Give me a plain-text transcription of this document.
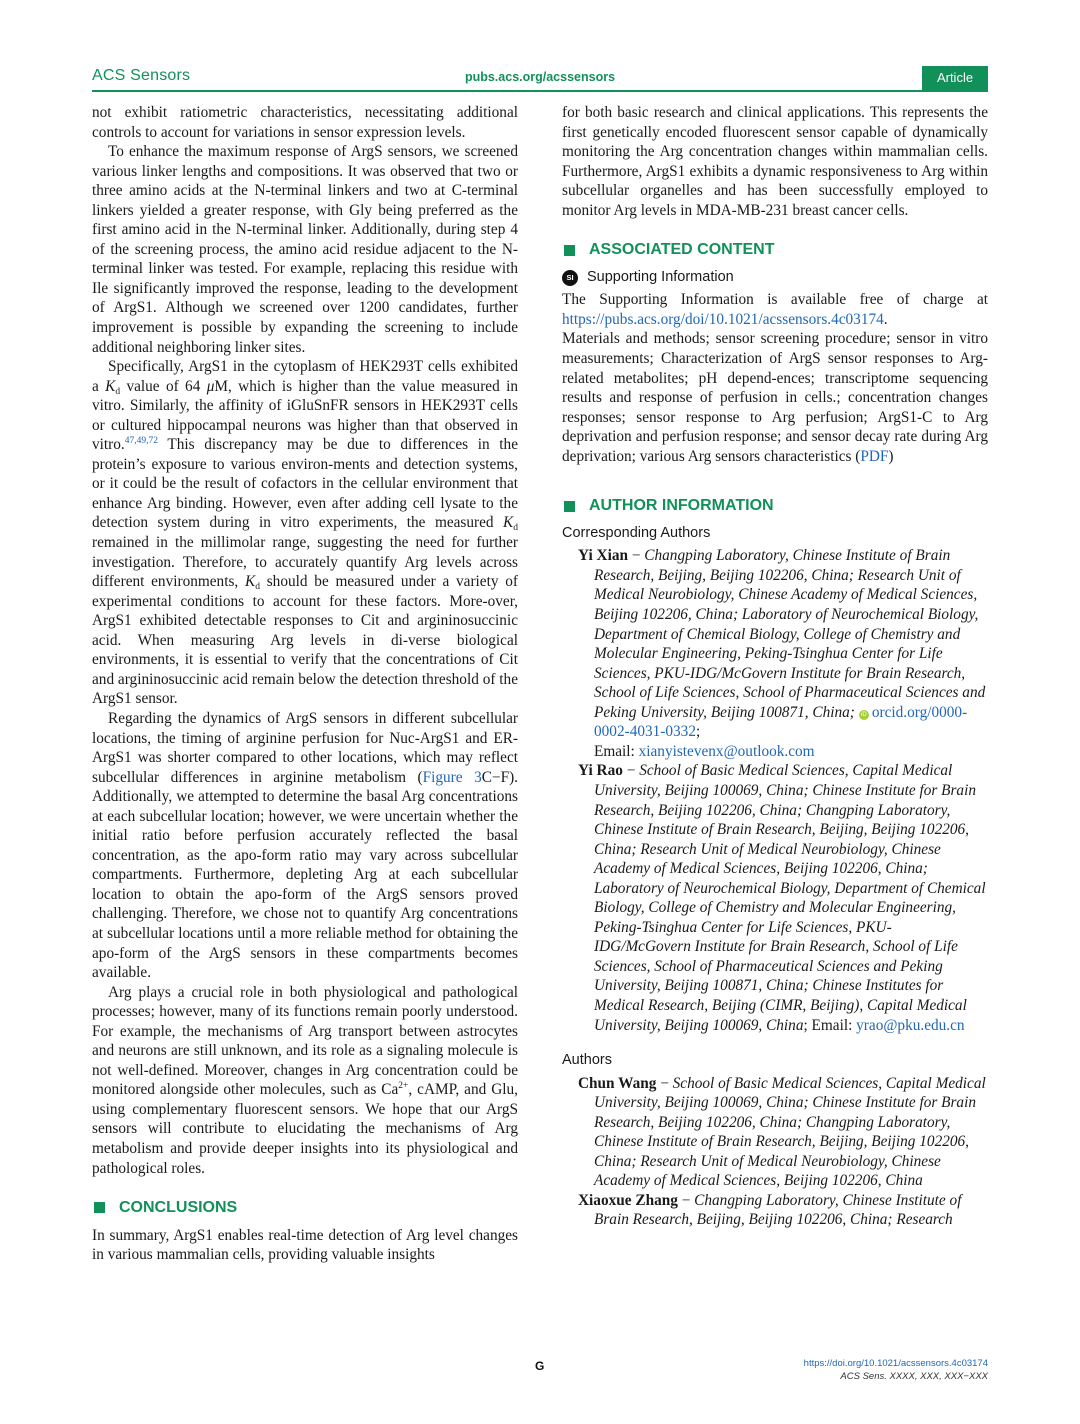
ACS Sensors	pubs.acs.org/acssensors	Article

not exhibit ratiometric characteristics, necessitating additional controls to account for variations in sensor expression levels.

To enhance the maximum response of ArgS sensors, we screened various linker lengths and compositions. It was observed that two or three amino acids at the N-terminal linkers and two at C-terminal linkers yielded a greater response, with Gly being preferred as the first amino acid in the N-terminal linker. Additionally, during step 4 of the screening process, the amino acid residue adjacent to the N-terminal linker was tested. For example, replacing this residue with Ile significantly improved the response, leading to the development of ArgS1. Although we screened over 1200 candidates, further improvement is possible by expanding the screening to include additional neighboring linker sites.

Specifically, ArgS1 in the cytoplasm of HEK293T cells exhibited a $K_d$ value of 64 μM, which is higher than the value measured in vitro. Similarly, the affinity of iGluSnFR sensors in HEK293T cells or cultured hippocampal neurons was higher than that observed in vitro.$^{47,49,72}$ This discrepancy may be due to differences in the protein’s exposure to various environ-ments and detection systems, or it could be the result of cofactors in the cellular environment that enhance Arg binding. However, even after adding cell lysate to the detection system during in vitro experiments, the measured $K_d$ remained in the millimolar range, suggesting the need for further investigation. Therefore, to accurately quantify Arg levels across different environments, $K_d$ should be measured under a variety of experimental conditions to account for these factors. More-over, ArgS1 exhibited detectable responses to Cit and argininosuccinic acid. When measuring Arg levels in di-verse biological environments, it is essential to verify that the concentrations of Cit and argininosuccinic acid remain below the detection threshold of the ArgS1 sensor.

Regarding the dynamics of ArgS sensors in different subcellular locations, the timing of arginine perfusion for Nuc-ArgS1 and ER-ArgS1 was shorter compared to other locations, which may reflect subcellular differences in arginine metabolism (Figure 3C−F). Additionally, we attempted to determine the basal Arg concentrations at each subcellular location; however, we were uncertain whether the initial ratio before perfusion accurately reflected the basal concentration, as the apo-form ratio may vary across subcellular compartments. Furthermore, depleting Arg at each subcellular location to obtain the apo-form of the ArgS sensors proved challenging. Therefore, we chose not to quantify Arg concentrations at subcellular locations until a more reliable method for obtaining the apo-form of the ArgS sensors in these compartments becomes available.

Arg plays a crucial role in both physiological and pathological processes; however, many of its functions remain poorly understood. For example, the mechanisms of Arg transport between astrocytes and neurons are still unknown, and its role as a signaling molecule is not well-defined. Moreover, changes in Arg concentration could be monitored alongside other molecules, such as $Ca^{2+}$, cAMP, and Glu, using complementary fluorescent sensors. We hope that our ArgS sensors will contribute to elucidating the mechanisms of Arg metabolism and provide deeper insights into its physiological and pathological roles.

CONCLUSIONS

In summary, ArgS1 enables real-time detection of Arg level changes in various mammalian cells, providing valuable insights

for both basic research and clinical applications. This represents the first genetically encoded fluorescent sensor capable of dynamically monitoring the Arg concentration changes within mammalian cells. Furthermore, ArgS1 exhibits a dynamic responsiveness to Arg within subcellular organelles and has been successfully employed to monitor Arg levels in MDA-MB-231 breast cancer cells.

ASSOCIATED CONTENT
SI Supporting Information

The Supporting Information is available free of charge at https://pubs.acs.org/doi/10.1021/acssensors.4c03174.

Materials and methods; sensor screening procedure; sensor in vitro measurements; Characterization of ArgS sensor responses to Arg-related metabolites; pH depend-ences; transcriptome sequencing results and response of perfusion in cells.; concentration changes responses; sensor response to Arg perfusion; ArgS1-C to Arg deprivation and perfusion response; and sensor decay rate during Arg deprivation; various Arg sensors characteristics (PDF)

AUTHOR INFORMATION
Corresponding Authors

Yi Xian − Changping Laboratory, Chinese Institute of Brain Research, Beijing, Beijing 102206, China; Research Unit of Medical Neurobiology, Chinese Academy of Medical Sciences, Beijing 102206, China; Laboratory of Neurochemical Biology, Department of Chemical Biology, College of Chemistry and Molecular Engineering, Peking-Tsinghua Center for Life Sciences, PKU-IDG/McGovern Institute for Brain Research, School of Life Sciences, School of Pharmaceutical Sciences and Peking University, Beijing 100871, China; iD orcid.org/0000-0002-4031-0332;
Email: xianyistevenx@outlook.com

Yi Rao − School of Basic Medical Sciences, Capital Medical University, Beijing 100069, China; Chinese Institute for Brain Research, Beijing 102206, China; Changping Laboratory, Chinese Institute of Brain Research, Beijing, Beijing 102206, China; Research Unit of Medical Neurobiology, Chinese Academy of Medical Sciences, Beijing 102206, China; Laboratory of Neurochemical Biology, Department of Chemical Biology, College of Chemistry and Molecular Engineering, Peking-Tsinghua Center for Life Sciences, PKU-IDG/McGovern Institute for Brain Research, School of Life Sciences, School of Pharmaceutical Sciences and Peking University, Beijing 100871, China; Chinese Institutes for Medical Research, Beijing (CIMR, Beijing), Capital Medical University, Beijing 100069, China; Email: yrao@pku.edu.cn

Authors

Chun Wang − School of Basic Medical Sciences, Capital Medical University, Beijing 100069, China; Chinese Institute for Brain Research, Beijing 102206, China; Changping Laboratory, Chinese Institute of Brain Research, Beijing, Beijing 102206, China; Research Unit of Medical Neurobiology, Chinese Academy of Medical Sciences, Beijing 102206, China

Xiaoxue Zhang − Changping Laboratory, Chinese Institute of Brain Research, Beijing, Beijing 102206, China; Research

G	https://doi.org/10.1021/acssensors.4c03174
ACS Sens. XXXX, XXX, XXX−XXX
